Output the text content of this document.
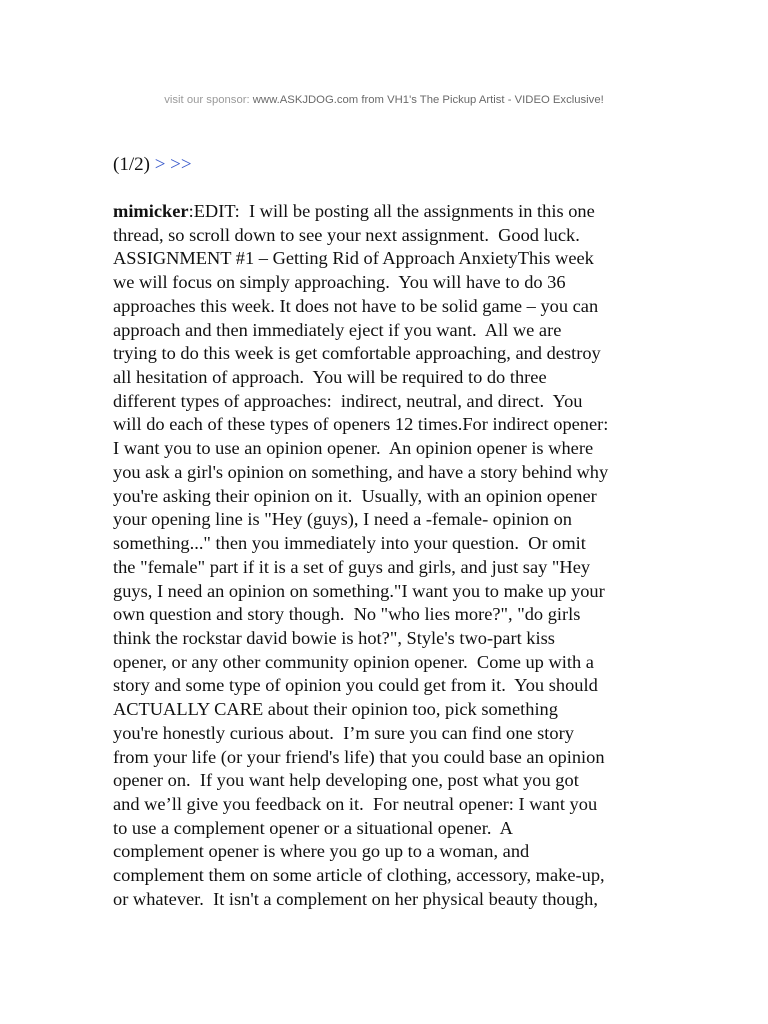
visit our sponsor: www.ASKJDOG.com from VH1's The Pickup Artist - VIDEO Exclusive!
(1/2) > >>
mimicker:EDIT:  I will be posting all the assignments in this one
thread, so scroll down to see your next assignment.  Good luck.
ASSIGNMENT #1 – Getting Rid of Approach AnxietyThis week
we will focus on simply approaching.  You will have to do 36
approaches this week. It does not have to be solid game – you can
approach and then immediately eject if you want.  All we are
trying to do this week is get comfortable approaching, and destroy
all hesitation of approach.  You will be required to do three
different types of approaches:  indirect, neutral, and direct.  You
will do each of these types of openers 12 times.For indirect opener:
I want you to use an opinion opener.  An opinion opener is where
you ask a girl's opinion on something, and have a story behind why
you're asking their opinion on it.  Usually, with an opinion opener
your opening line is "Hey (guys), I need a -female- opinion on
something..." then you immediately into your question.  Or omit
the "female" part if it is a set of guys and girls, and just say "Hey
guys, I need an opinion on something."I want you to make up your
own question and story though.  No "who lies more?", "do girls
think the rockstar david bowie is hot?", Style's two-part kiss
opener, or any other community opinion opener.  Come up with a
story and some type of opinion you could get from it.  You should
ACTUALLY CARE about their opinion too, pick something
you're honestly curious about.  I’m sure you can find one story
from your life (or your friend's life) that you could base an opinion
opener on.  If you want help developing one, post what you got
and we’ll give you feedback on it.  For neutral opener: I want you
to use a complement opener or a situational opener.  A
complement opener is where you go up to a woman, and
complement them on some article of clothing, accessory, make-up,
or whatever.  It isn't a complement on her physical beauty though,
